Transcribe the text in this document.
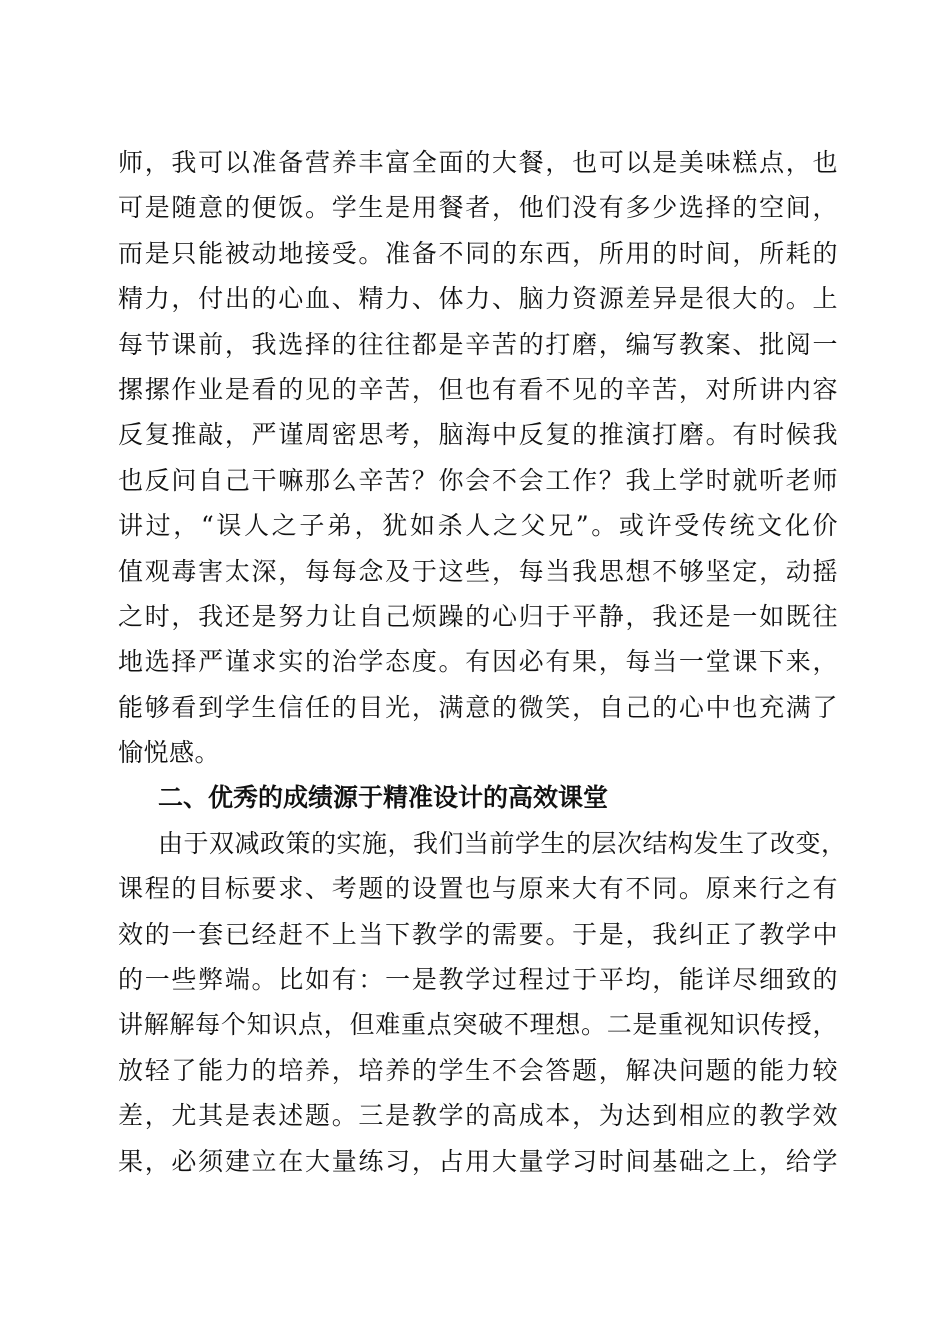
师，我可以准备营养丰富全面的大餐，也可以是美味糕点，也
可是随意的便饭。学生是用餐者，他们没有多少选择的空间，
而是只能被动地接受。准备不同的东西，所用的时间，所耗的
精力，付出的心血、精力、体力、脑力资源差异是很大的。上
每节课前，我选择的往往都是辛苦的打磨，编写教案、批阅一
摞摞作业是看的见的辛苦，但也有看不见的辛苦，对所讲内容
反复推敲，严谨周密思考，脑海中反复的推演打磨。有时候我
也反问自己干嘛那么辛苦？你会不会工作？我上学时就听老师
讲过，“误人之子弟，犹如杀人之父兄”。或许受传统文化价
值观毒害太深，每每念及于这些，每当我思想不够坚定，动摇
之时，我还是努力让自己烦躁的心归于平静，我还是一如既往
地选择严谨求实的治学态度。有因必有果，每当一堂课下来，
能够看到学生信任的目光，满意的微笑，自己的心中也充满了
愉悦感。
二、优秀的成绩源于精准设计的高效课堂
由于双减政策的实施，我们当前学生的层次结构发生了改变，
课程的目标要求、考题的设置也与原来大有不同。原来行之有
效的一套已经赶不上当下教学的需要。于是，我纠正了教学中
的一些弊端。比如有：一是教学过程过于平均，能详尽细致的
讲解解每个知识点，但难重点突破不理想。二是重视知识传授，
放轻了能力的培养，培养的学生不会答题，解决问题的能力较
差，尤其是表述题。三是教学的高成本，为达到相应的教学效
果，必须建立在大量练习，占用大量学习时间基础之上，给学
